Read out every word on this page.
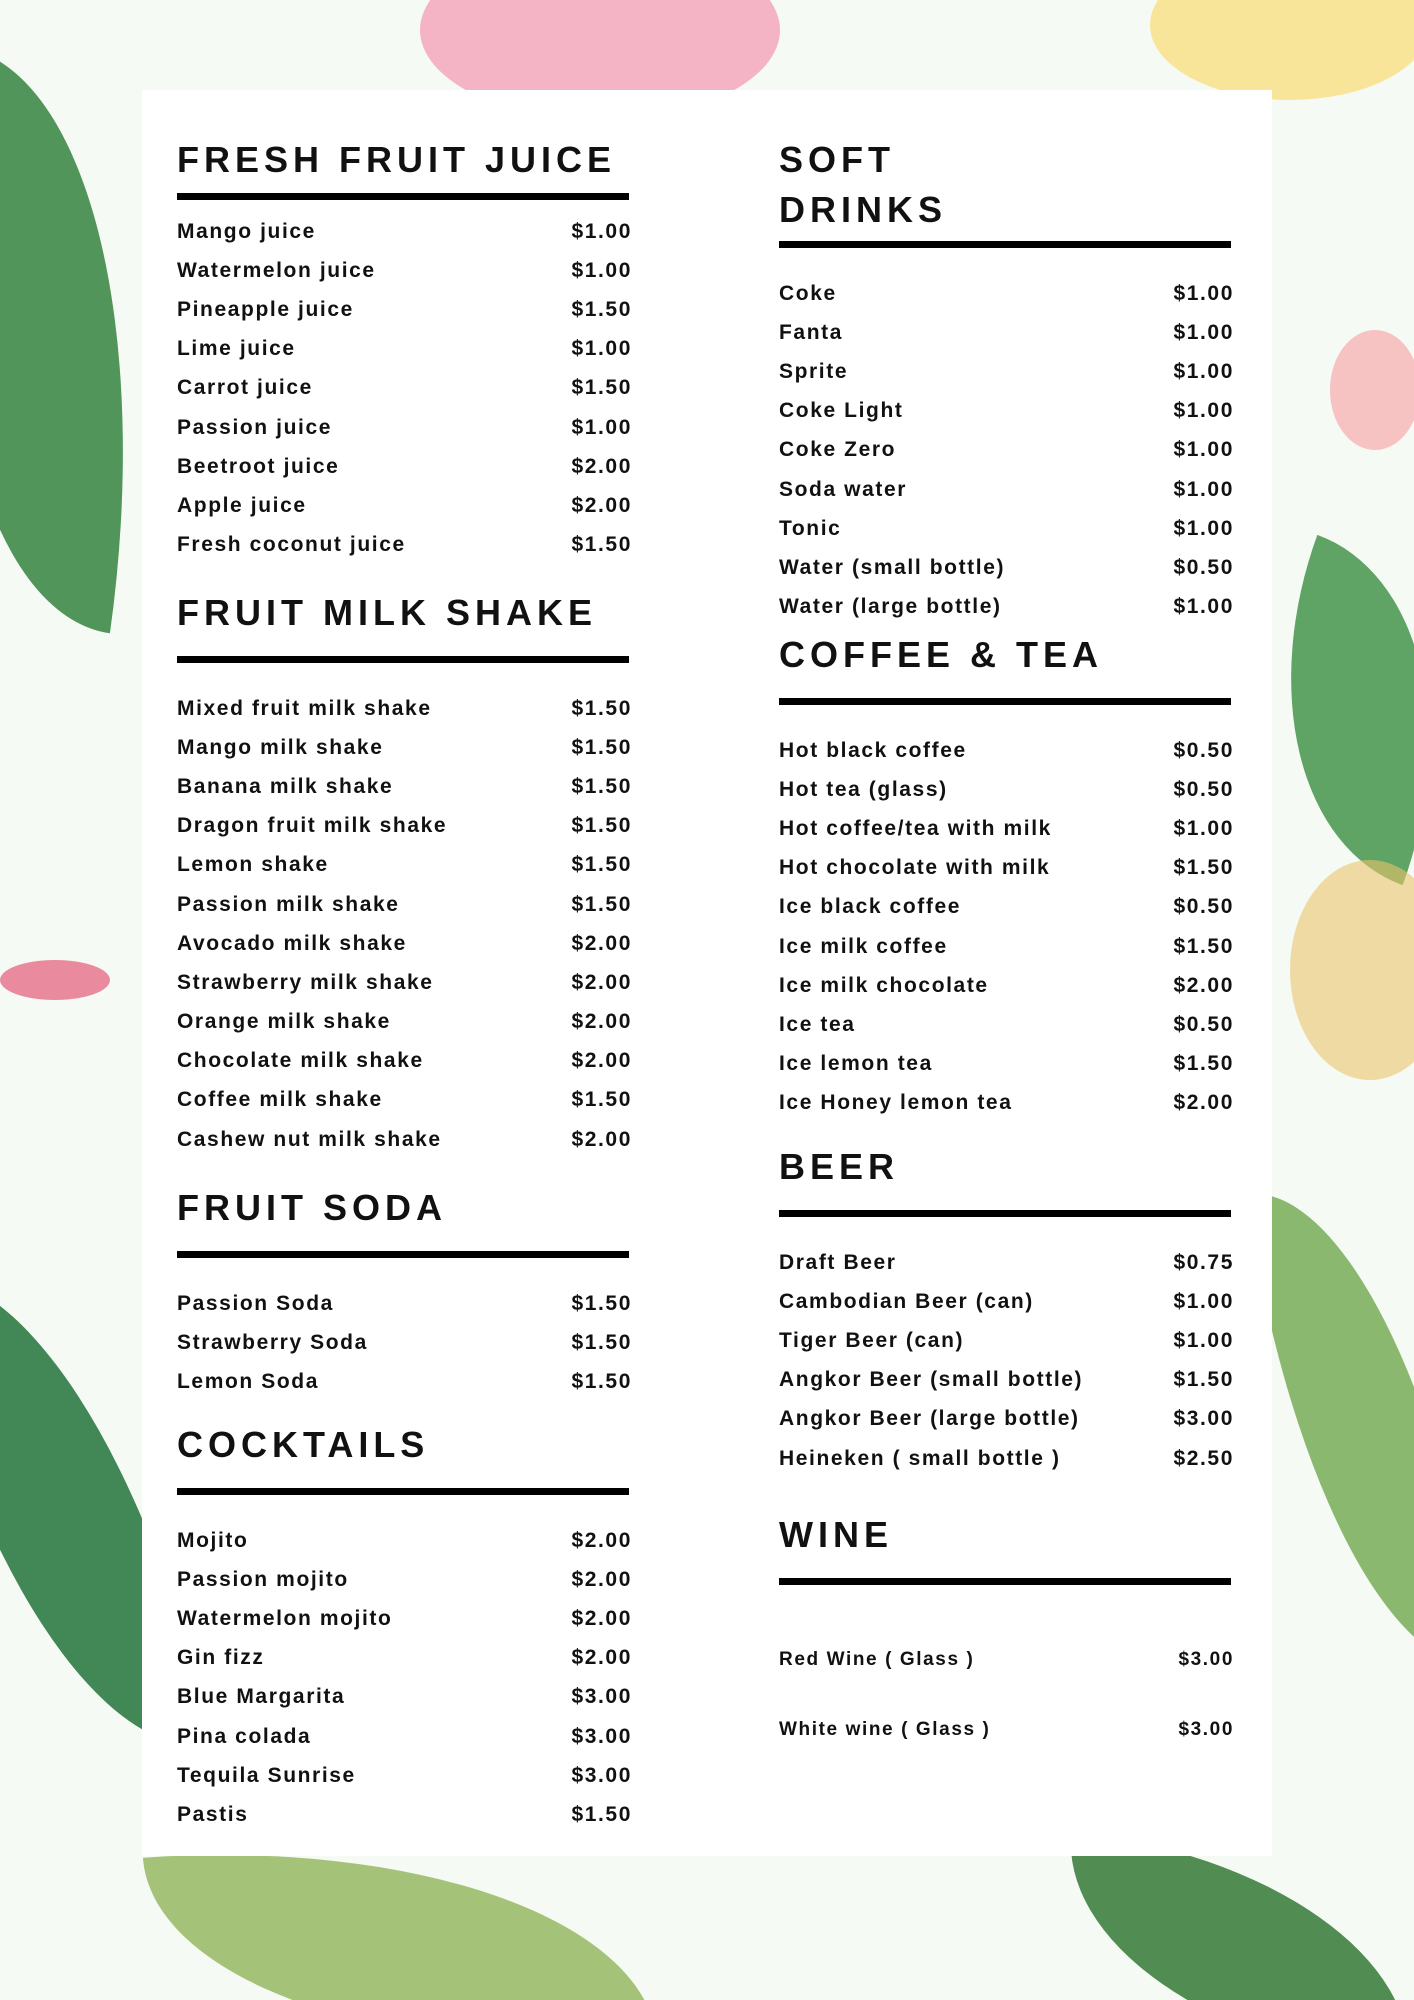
FRESH FRUIT JUICE
Mango juice	$1.00
Watermelon juice	$1.00
Pineapple juice	$1.50
Lime juice	$1.00
Carrot juice	$1.50
Passion juice	$1.00
Beetroot juice	$2.00
Apple juice	$2.00
Fresh coconut juice	$1.50
FRUIT MILK SHAKE
Mixed fruit milk shake	$1.50
Mango milk shake	$1.50
Banana milk shake	$1.50
Dragon fruit milk shake	$1.50
Lemon shake	$1.50
Passion milk shake	$1.50
Avocado milk shake	$2.00
Strawberry milk shake	$2.00
Orange milk shake	$2.00
Chocolate milk shake	$2.00
Coffee milk shake	$1.50
Cashew nut milk shake	$2.00
FRUIT SODA
Passion Soda	$1.50
Strawberry Soda	$1.50
Lemon Soda	$1.50
COCKTAILS
Mojito	$2.00
Passion mojito	$2.00
Watermelon mojito	$2.00
Gin fizz	$2.00
Blue Margarita	$3.00
Pina colada	$3.00
Tequila Sunrise	$3.00
Pastis	$1.50
SOFT DRINKS
Coke	$1.00
Fanta	$1.00
Sprite	$1.00
Coke Light	$1.00
Coke Zero	$1.00
Soda water	$1.00
Tonic	$1.00
Water (small bottle)	$0.50
Water (large bottle)	$1.00
COFFEE & TEA
Hot black coffee	$0.50
Hot tea (glass)	$0.50
Hot coffee/tea with milk	$1.00
Hot chocolate with milk	$1.50
Ice black coffee	$0.50
Ice milk coffee	$1.50
Ice milk chocolate	$2.00
Ice tea	$0.50
Ice lemon tea	$1.50
Ice Honey lemon tea	$2.00
BEER
Draft Beer	$0.75
Cambodian Beer (can)	$1.00
Tiger Beer (can)	$1.00
Angkor Beer (small bottle)	$1.50
Angkor Beer (large bottle)	$3.00
Heineken ( small bottle )	$2.50
WINE
Red Wine ( Glass )	$3.00
White wine ( Glass )	$3.00
